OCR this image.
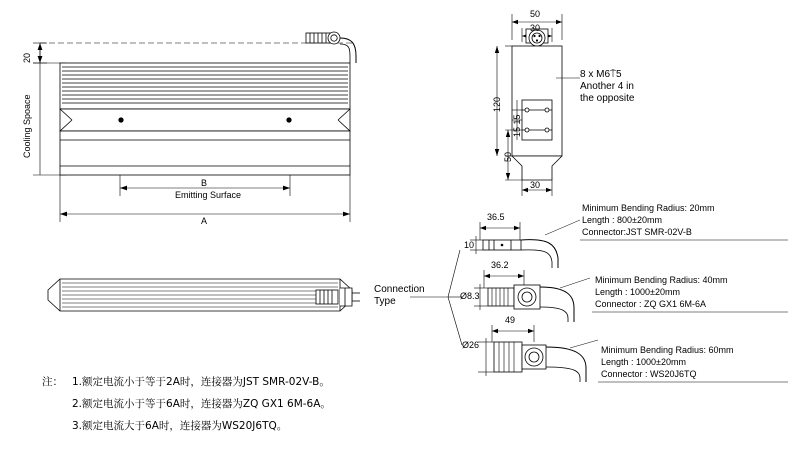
20
Cooling Spoace
B
Emitting Surface
A
50
30
120
50
15 15
30
8 x M6⍑5
Another 4 in
the opposite
Connection
Type
36.5
10
Minimum Bending Radius: 20mm
Length : 800±20mm
Connector:JST SMR-02V-B
36.2
Ø8.3
Minimum Bending Radius: 40mm
Length : 1000±20mm
Connector : ZQ GX1 6M-6A
49
Ø26	Minimum Bending Radius: 60mm
Length : 1000±20mm
Connector : WS20J6TQ
注： 1.额定电流小于等于2A时，连接器为JST SMR-02V-B。
2.额定电流小于等于6A时，连接器为ZQ GX1 6M-6A。
3.额定电流大于6A时，连接器为WS20J6TQ。
